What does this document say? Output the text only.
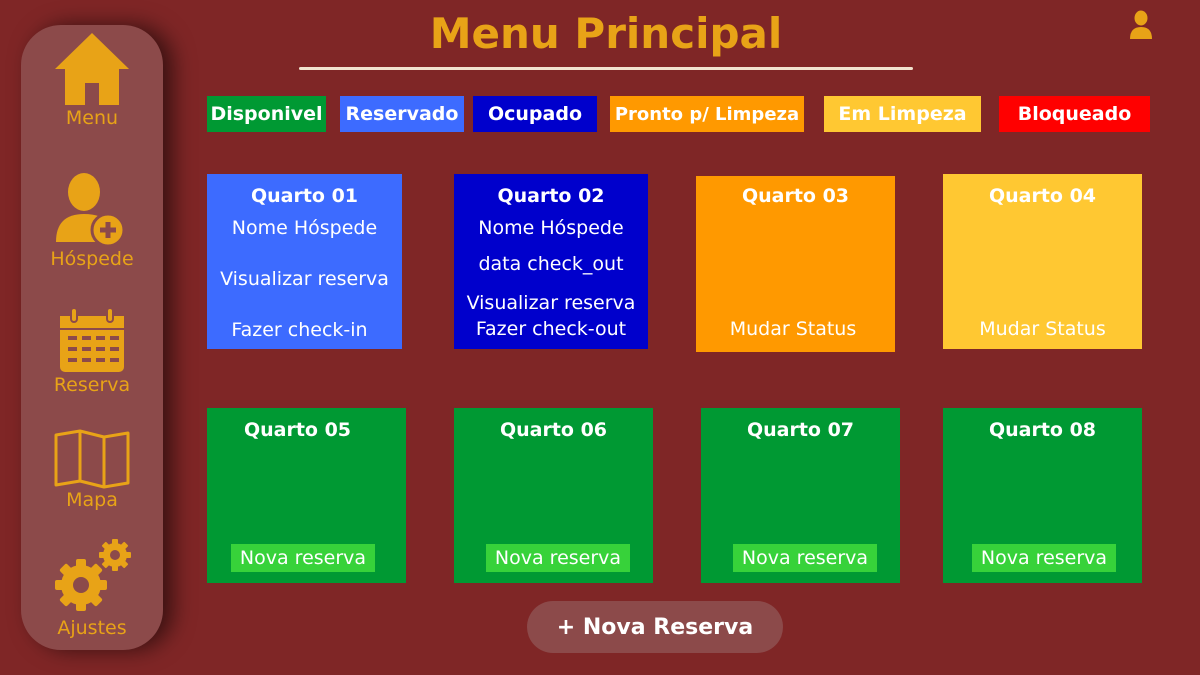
Menu
Hóspede
Reserva
Mapa
Ajustes
Menu Principal
Disponivel Reservado Ocupado Pronto p/ Limpeza Em Limpeza	Bloqueado
Quarto 01
Nome Hóspede
Visualizar reserva
Fazer check-in
Quarto 02
Nome Hóspede
data check_out
Visualizar reserva
Fazer check-out
Quarto 03
Mudar Status
Quarto 04
Mudar Status
Quarto 05
Nova reserva
Quarto 06
Nova reserva
Quarto 07
Nova reserva
Quarto 08
Nova reserva
+ Nova Reserva
